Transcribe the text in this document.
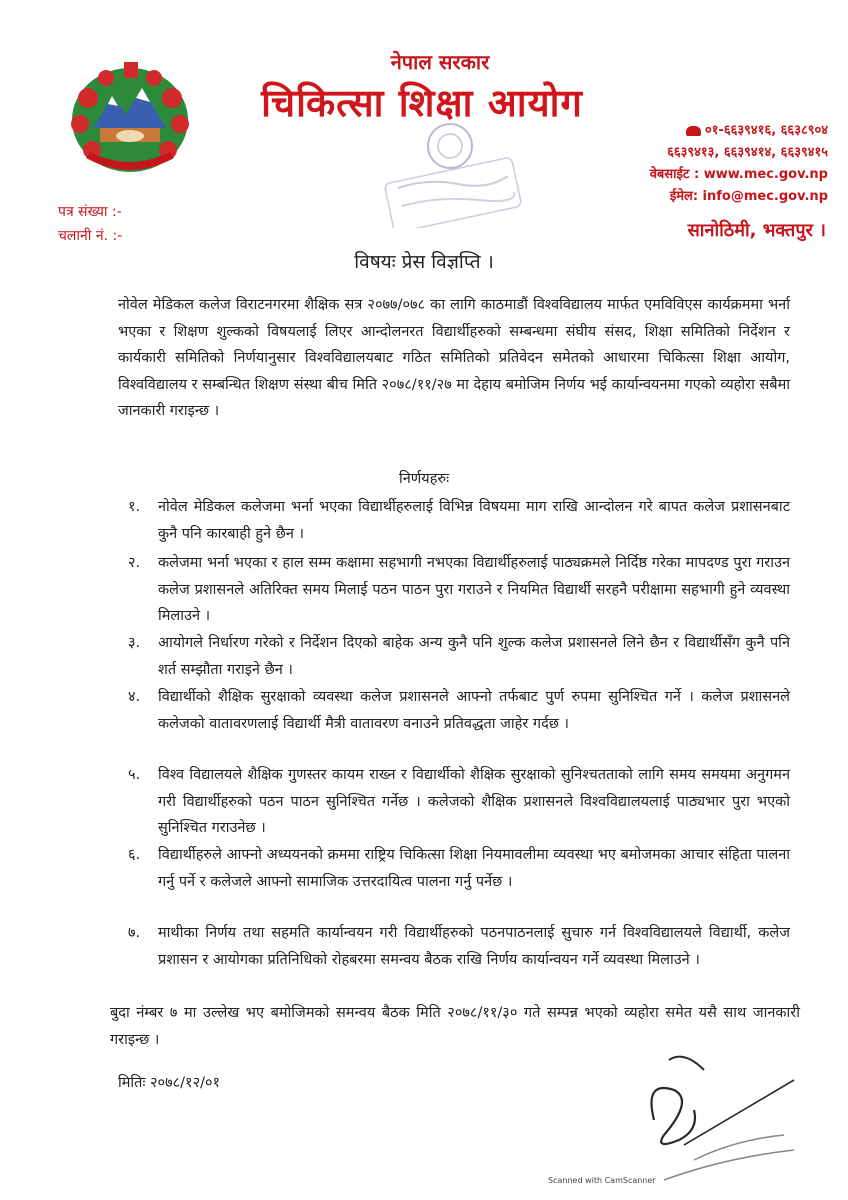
नेपाल सरकार
चिकित्सा शिक्षा आयोग
०१-६६३९४१६, ६६३८९०४
६६३९४१३, ६६३९४१४, ६६३९४१५
वेबसाईट : www.mec.gov.np
ईमेल: info@mec.gov.np
सानोठिमी, भक्तपुर ।
पत्र संख्या :-
चलानी नं. :-
विषयः प्रेस विज्ञप्ति ।
नोवेल मेडिकल कलेज विराटनगरमा शैक्षिक सत्र २०७७/०७८ का लागि काठमाडौं विश्वविद्यालय मार्फत एमविविएस कार्यक्रममा भर्ना भएका र शिक्षण शुल्कको विषयलाई लिएर आन्दोलनरत विद्यार्थीहरुको सम्बन्धमा संघीय संसद, शिक्षा समितिको निर्देशन र कार्यकारी समितिको निर्णयानुसार विश्वविद्यालयबाट गठित समितिको प्रतिवेदन समेतको आधारमा चिकित्सा शिक्षा आयोग, विश्वविद्यालय र सम्बन्धित शिक्षण संस्था बीच मिति २०७८/११/२७ मा देहाय बमोजिम निर्णय भई कार्यान्वयनमा गएको व्यहोरा सबैमा जानकारी गराइन्छ ।
निर्णयहरुः
१. नोवेल मेडिकल कलेजमा भर्ना भएका विद्यार्थीहरुलाई विभिन्न विषयमा माग राखि आन्दोलन गरे बापत कलेज प्रशासनबाट कुनै पनि कारबाही हुने छैन ।
२. कलेजमा भर्ना भएका र हाल सम्म कक्षामा सहभागी नभएका विद्यार्थीहरुलाई पाठ्यक्रमले निर्दिष्ठ गरेका मापदण्ड पुरा गराउन कलेज प्रशासनले अतिरिक्त समय मिलाई पठन पाठन पुरा गराउने र नियमित विद्यार्थी सरहनै परीक्षामा सहभागी हुने व्यवस्था मिलाउने ।
३. आयोगले निर्धारण गरेको र निर्देशन दिएको बाहेक अन्य कुनै पनि शुल्क कलेज प्रशासनले लिने छैन र विद्यार्थीसँग कुनै पनि शर्त सम्झौता गराइने छैन ।
४. विद्यार्थीको शैक्षिक सुरक्षाको व्यवस्था कलेज प्रशासनले आफ्नो तर्फबाट पुर्ण रुपमा सुनिश्चित गर्ने । कलेज प्रशासनले कलेजको वातावरणलाई विद्यार्थी मैत्री वातावरण वनाउने प्रतिवद्धता जाहेर गर्दछ ।
५. विश्व विद्यालयले शैक्षिक गुणस्तर कायम राख्न र विद्यार्थीको शैक्षिक सुरक्षाको सुनिश्चतताको लागि समय समयमा अनुगमन गरी विद्यार्थीहरुको पठन पाठन सुनिश्चित गर्नेछ । कलेजको शैक्षिक प्रशासनले विश्वविद्यालयलाई पाठ्यभार पुरा भएको सुनिश्चित गराउनेछ ।
६. विद्यार्थीहरुले आफ्नो अध्ययनको क्रममा राष्ट्रिय चिकित्सा शिक्षा नियमावलीमा व्यवस्था भए बमोजमका आचार संहिता पालना गर्नु पर्ने र कलेजले आफ्नो सामाजिक उत्तरदायित्व पालना गर्नु पर्नेछ ।
७. माथीका निर्णय तथा सहमति कार्यान्वयन गरी विद्यार्थीहरुको पठनपाठनलाई सुचारु गर्न विश्वविद्यालयले विद्यार्थी, कलेज प्रशासन र आयोगका प्रतिनिधिको रोहबरमा समन्वय बैठक राखि निर्णय कार्यान्वयन गर्ने व्यवस्था मिलाउने ।
बुदा नंम्बर ७ मा उल्लेख भए बमोजिमको समन्वय बैठक मिति २०७८/११/३० गते सम्पन्न भएको व्यहोरा समेत यसै साथ जानकारी गराइन्छ ।
मितिः २०७८/१२/०१
Scanned with CamScanner
